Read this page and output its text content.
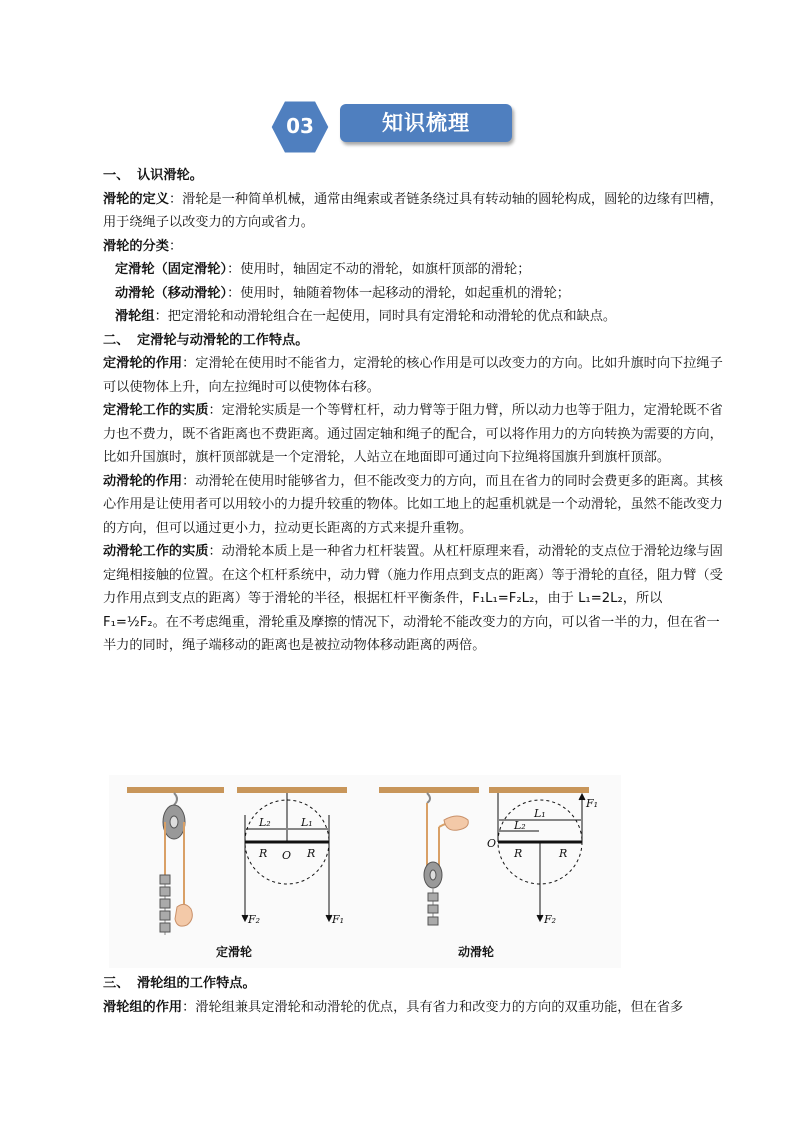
知识梳理
03

一、 认识滑轮。

滑轮的定义：滑轮是一种简单机械，通常由绳索或者链条绕过具有转动轴的圆轮构成，圆轮的边缘有凹槽，用于绕绳子以改变力的方向或省力。

滑轮的分类：

定滑轮（固定滑轮）：使用时，轴固定不动的滑轮，如旗杆顶部的滑轮；

动滑轮（移动滑轮）：使用时，轴随着物体一起移动的滑轮，如起重机的滑轮；

滑轮组：把定滑轮和动滑轮组合在一起使用，同时具有定滑轮和动滑轮的优点和缺点。

二、 定滑轮与动滑轮的工作特点。

定滑轮的作用：定滑轮在使用时不能省力，定滑轮的核心作用是可以改变力的方向。比如升旗时向下拉绳子可以使物体上升，向左拉绳时可以使物体右移。

定滑轮工作的实质：定滑轮实质是一个等臂杠杆，动力臂等于阻力臂，所以动力也等于阻力，定滑轮既不省力也不费力，既不省距离也不费距离。通过固定轴和绳子的配合，可以将作用力的方向转换为需要的方向，比如升国旗时，旗杆顶部就是一个定滑轮，人站立在地面即可通过向下拉绳将国旗升到旗杆顶部。

动滑轮的作用：动滑轮在使用时能够省力，但不能改变力的方向，而且在省力的同时会费更多的距离。其核心作用是让使用者可以用较小的力提升较重的物体。比如工地上的起重机就是一个动滑轮，虽然不能改变力的方向，但可以通过更小力，拉动更长距离的方式来提升重物。

动滑轮工作的实质：动滑轮本质上是一种省力杠杆装置。从杠杆原理来看，动滑轮的支点位于滑轮边缘与固定绳相接触的位置。在这个杠杆系统中，动力臂（施力作用点到支点的距离）等于滑轮的直径，阻力臂（受力作用点到支点的距离）等于滑轮的半径，根据杠杆平衡条件，F₁L₁=F₂L₂，由于 L₁=2L₂，所以 F₁=½F₂。在不考虑绳重，滑轮重及摩擦的情况下，动滑轮不能改变力的方向，可以省一半的力，但在省一半力的同时，绳子端移动的距离也是被拉动物体移动距离的两倍。

L₂	L₁
R O R
F₂	F₁
F₁
L₁
L₂
O
R	R
F₂
定滑轮	动滑轮

三、 滑轮组的工作特点。

滑轮组的作用：滑轮组兼具定滑轮和动滑轮的优点，具有省力和改变力的方向的双重功能，但在省多
